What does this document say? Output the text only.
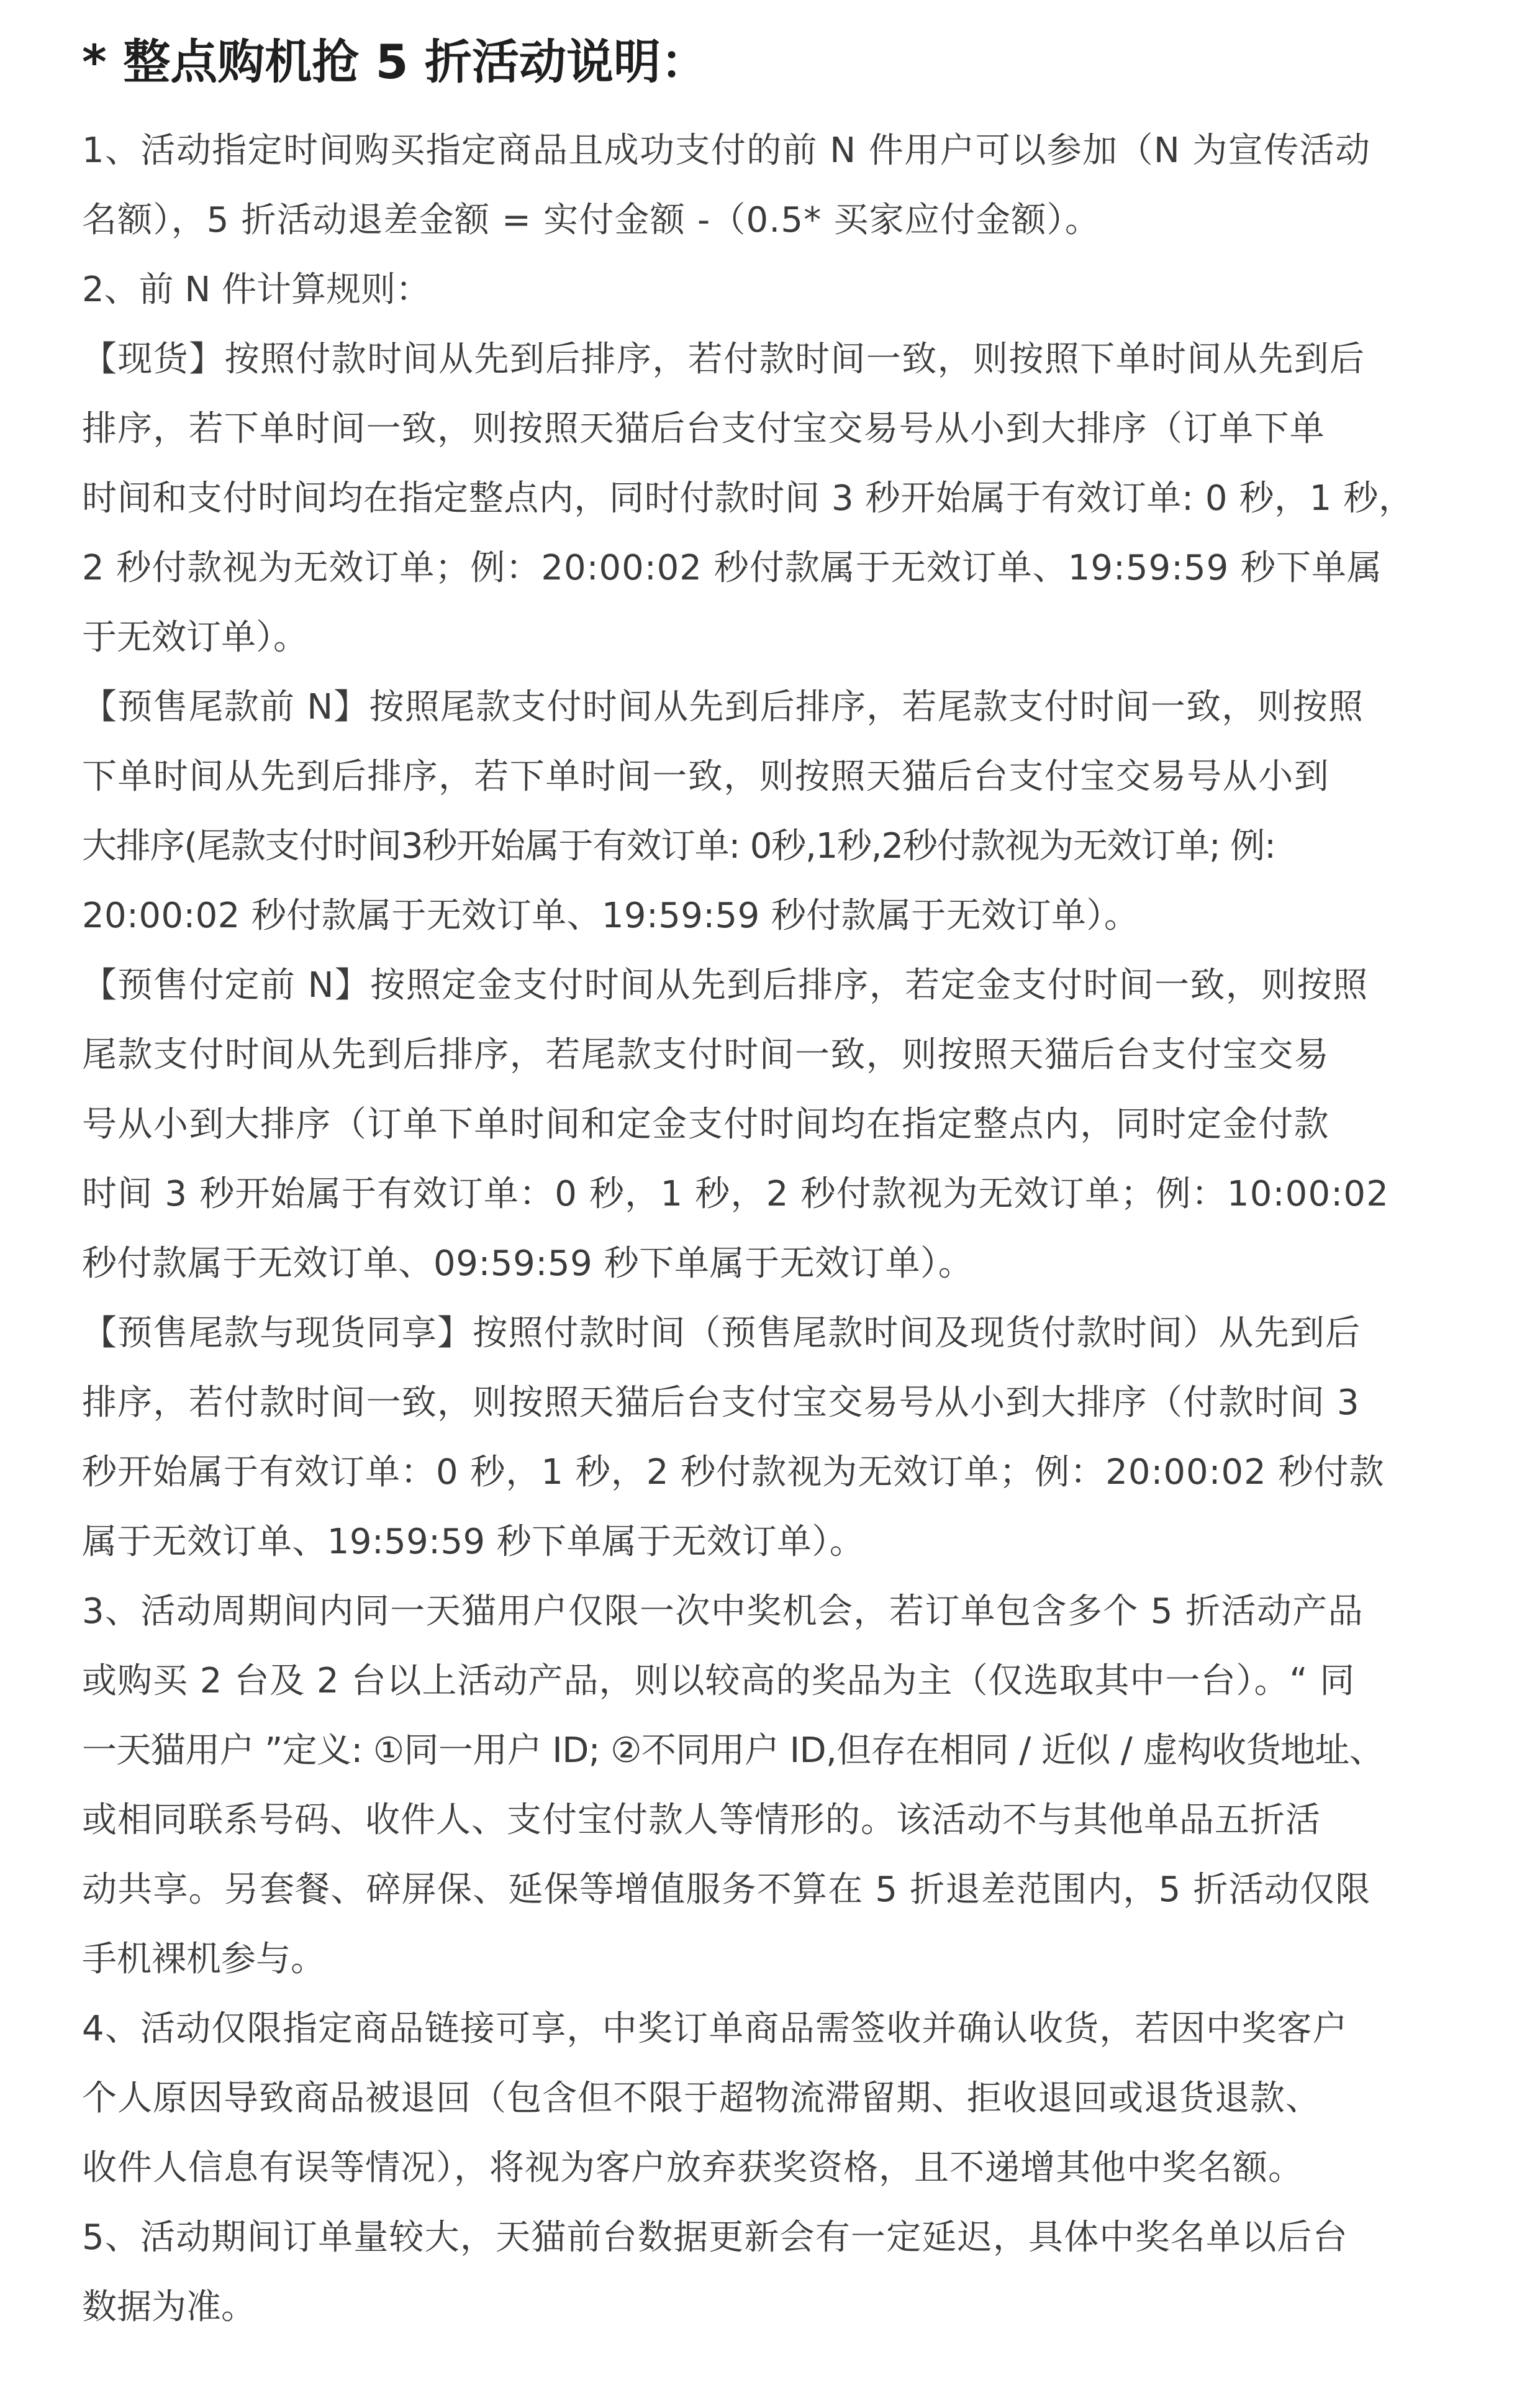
* 整点购机抢 5 折活动说明：

1、活动指定时间购买指定商品且成功支付的前 N 件用户可以参加（N 为宣传活动

名额），5 折活动退差金额 = 实付金额 -（0.5* 买家应付金额）。

2、前 N 件计算规则：

【现货】按照付款时间从先到后排序，若付款时间一致，则按照下单时间从先到后

排序，若下单时间一致，则按照天猫后台支付宝交易号从小到大排序（订单下单

时间和支付时间均在指定整点内，同时付款时间 3 秒开始属于有效订单: 0 秒，1 秒，

2 秒付款视为无效订单；例：20:00:02 秒付款属于无效订单、19:59:59 秒下单属

于无效订单）。

【预售尾款前 N】按照尾款支付时间从先到后排序，若尾款支付时间一致，则按照

下单时间从先到后排序，若下单时间一致，则按照天猫后台支付宝交易号从小到

大排序(尾款支付时间3秒开始属于有效订单: 0秒,1秒,2秒付款视为无效订单; 例:

20:00:02 秒付款属于无效订单、19:59:59 秒付款属于无效订单）。

【预售付定前 N】按照定金支付时间从先到后排序，若定金支付时间一致，则按照

尾款支付时间从先到后排序，若尾款支付时间一致，则按照天猫后台支付宝交易

号从小到大排序（订单下单时间和定金支付时间均在指定整点内，同时定金付款

时间 3 秒开始属于有效订单：0 秒，1 秒，2 秒付款视为无效订单；例：10:00:02

秒付款属于无效订单、09:59:59 秒下单属于无效订单）。

【预售尾款与现货同享】按照付款时间（预售尾款时间及现货付款时间）从先到后

排序，若付款时间一致，则按照天猫后台支付宝交易号从小到大排序（付款时间 3

秒开始属于有效订单：0 秒，1 秒，2 秒付款视为无效订单；例：20:00:02 秒付款

属于无效订单、19:59:59 秒下单属于无效订单）。

3、活动周期间内同一天猫用户仅限一次中奖机会，若订单包含多个 5 折活动产品

或购买 2 台及 2 台以上活动产品，则以较高的奖品为主（仅选取其中一台）。“ 同

一天猫用户 ”定义: ①同一用户 ID; ②不同用户 ID,但存在相同 / 近似 / 虚构收货地址、

或相同联系号码、收件人、支付宝付款人等情形的。该活动不与其他单品五折活

动共享。另套餐、碎屏保、延保等增值服务不算在 5 折退差范围内，5 折活动仅限

手机裸机参与。

4、活动仅限指定商品链接可享，中奖订单商品需签收并确认收货，若因中奖客户

个人原因导致商品被退回（包含但不限于超物流滞留期、拒收退回或退货退款、

收件人信息有误等情况），将视为客户放弃获奖资格，且不递增其他中奖名额。

5、活动期间订单量较大，天猫前台数据更新会有一定延迟，具体中奖名单以后台

数据为准。
